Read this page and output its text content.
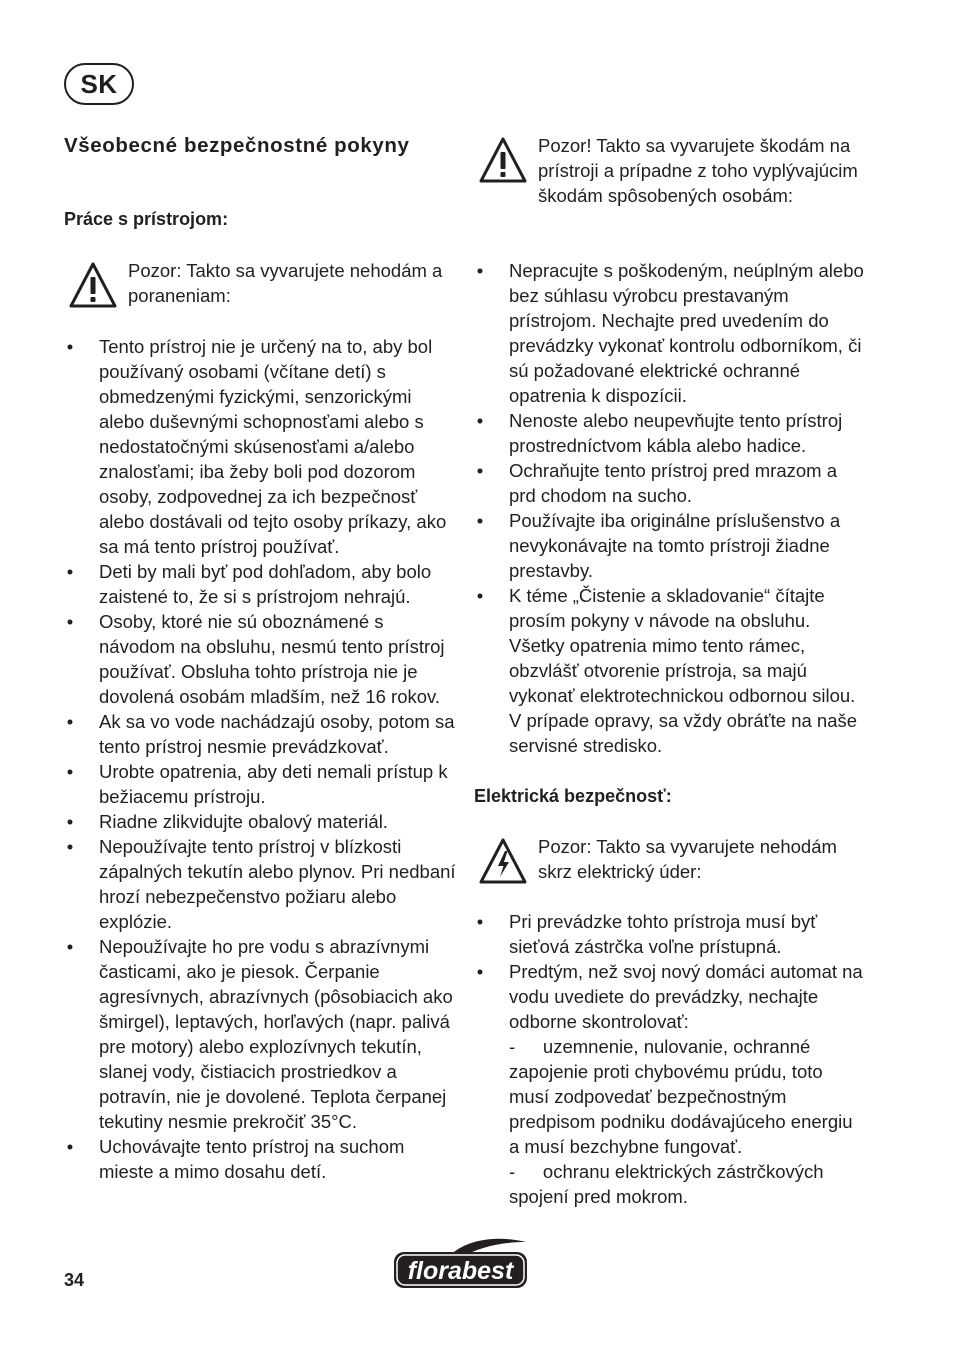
SK
Všeobecné bezpečnostné pokyny
Práce s prístrojom:
Pozor: Takto sa vyvarujete nehodám a poraneniam:
• Tento prístroj nie je určený na to, aby bol používaný osobami (včítane detí) s obmedzenými fyzickými, senzorickými alebo duševnými schopnosťami alebo s nedostatočnými skúsenosťami a/alebo znalosťami; iba žeby boli pod dozorom osoby, zodpovednej za ich bezpečnosť alebo dostávali od tejto osoby príkazy, ako sa má tento prístroj používať.
• Deti by mali byť pod dohľadom, aby bolo zaistené to, že si s prístrojom nehrajú.
• Osoby, ktoré nie sú oboznámené s návodom na obsluhu, nesmú tento prístroj používať. Obsluha tohto prístroja nie je dovolená osobám mladším, než 16 rokov.
• Ak sa vo vode nachádzajú osoby, potom sa tento prístroj nesmie prevádzkovať.
• Urobte opatrenia, aby deti nemali prístup k bežiacemu prístroju.
• Riadne zlikvidujte obalový materiál.
• Nepoužívajte tento prístroj v blízkosti zápalných tekutín alebo plynov. Pri nedbaní hrozí nebezpečenstvo požiaru alebo explózie.
• Nepoužívajte ho pre vodu s abrazívnymi časticami, ako je piesok. Čerpanie agresívnych, abrazívnych (pôsobiacich ako šmirgel), leptavých, horľavých (napr. palivá pre motory) alebo explozívnych tekutín, slanej vody, čistiacich prostriedkov a potravín, nie je dovolené. Teplota čerpanej tekutiny nesmie prekročiť 35°C.
• Uchovávajte tento prístroj na suchom mieste a mimo dosahu detí.
Pozor! Takto sa vyvarujete škodám na prístroji a prípadne z toho vyplývajúcim škodám spôsobených osobám:
• Nepracujte s poškodeným, neúplným alebo bez súhlasu výrobcu prestavaným prístrojom. Nechajte pred uvedením do prevádzky vykonať kontrolu odborníkom, či sú požadované elektrické ochranné opatrenia k dispozícii.
• Nenoste alebo neupevňujte tento prístroj prostredníctvom kábla alebo hadice.
• Ochraňujte tento prístroj pred mrazom a prd chodom na sucho.
• Používajte iba originálne príslušenstvo a nevykonávajte na tomto prístroji žiadne prestavby.
• K téme „Čistenie a skladovanie“ čítajte prosím pokyny v návode na obsluhu. Všetky opatrenia mimo tento rámec, obzvlášť otvorenie prístroja, sa majú vykonať elektrotechnickou odbornou silou. V prípade opravy, sa vždy obráťte na naše servisné stredisko.
Elektrická bezpečnosť:
Pozor: Takto sa vyvarujete nehodám skrz elektrický úder:
• Pri prevádzke tohto prístroja musí byť sieťová zástrčka voľne prístupná.
• Predtým, než svoj nový domáci automat na vodu uvediete do prevádzky, nechajte odborne skontrolovať:
-  uzemnenie, nulovanie, ochranné zapojenie proti chybovému prúdu, toto musí zodpovedať bezpečnostným predpisom podniku dodávajúceho energiu a musí bezchybne fungovať.
-  ochranu elektrických zástrčkových spojení pred mokrom.
34	florabest
